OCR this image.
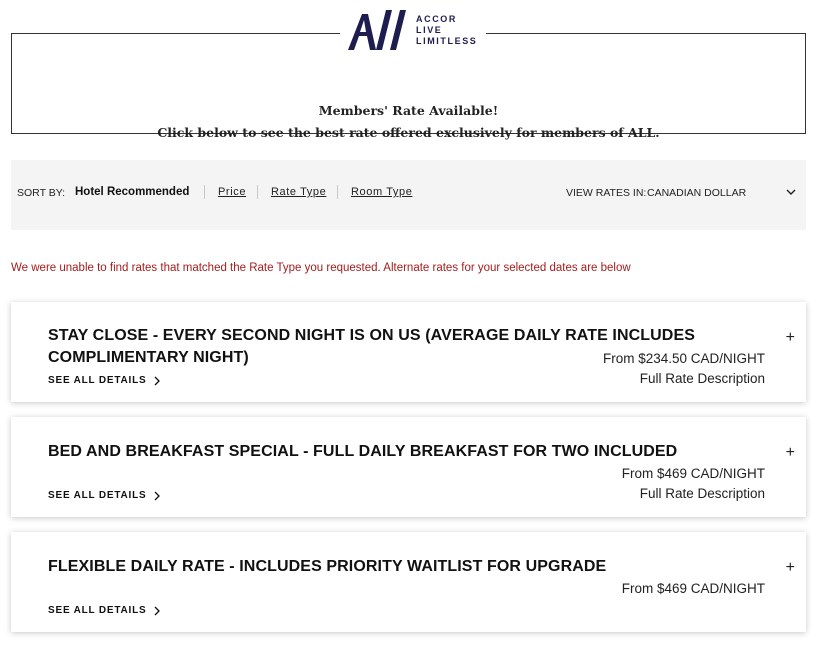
Members' Rate Available!
Click below to see the best rate offered exclusively for members of ALL.
ACCOR
LIVE
LIMITLESS
SORT BY: Hotel Recommended	Price Rate Type Room Type	VIEW RATES IN: CANADIAN DOLLAR
We were unable to find rates that matched the Rate Type you requested. Alternate rates for your selected dates are below
STAY CLOSE - EVERY SECOND NIGHT IS ON US (AVERAGE DAILY RATE INCLUDES COMPLIMENTARY NIGHT)
+
From $234.50 CAD/NIGHT
Full Rate Description
SEE ALL DETAILS
BED AND BREAKFAST SPECIAL - FULL DAILY BREAKFAST FOR TWO INCLUDED	+
From $469 CAD/NIGHT
Full Rate Description
SEE ALL DETAILS
FLEXIBLE DAILY RATE - INCLUDES PRIORITY WAITLIST FOR UPGRADE	+
From $469 CAD/NIGHT
SEE ALL DETAILS
